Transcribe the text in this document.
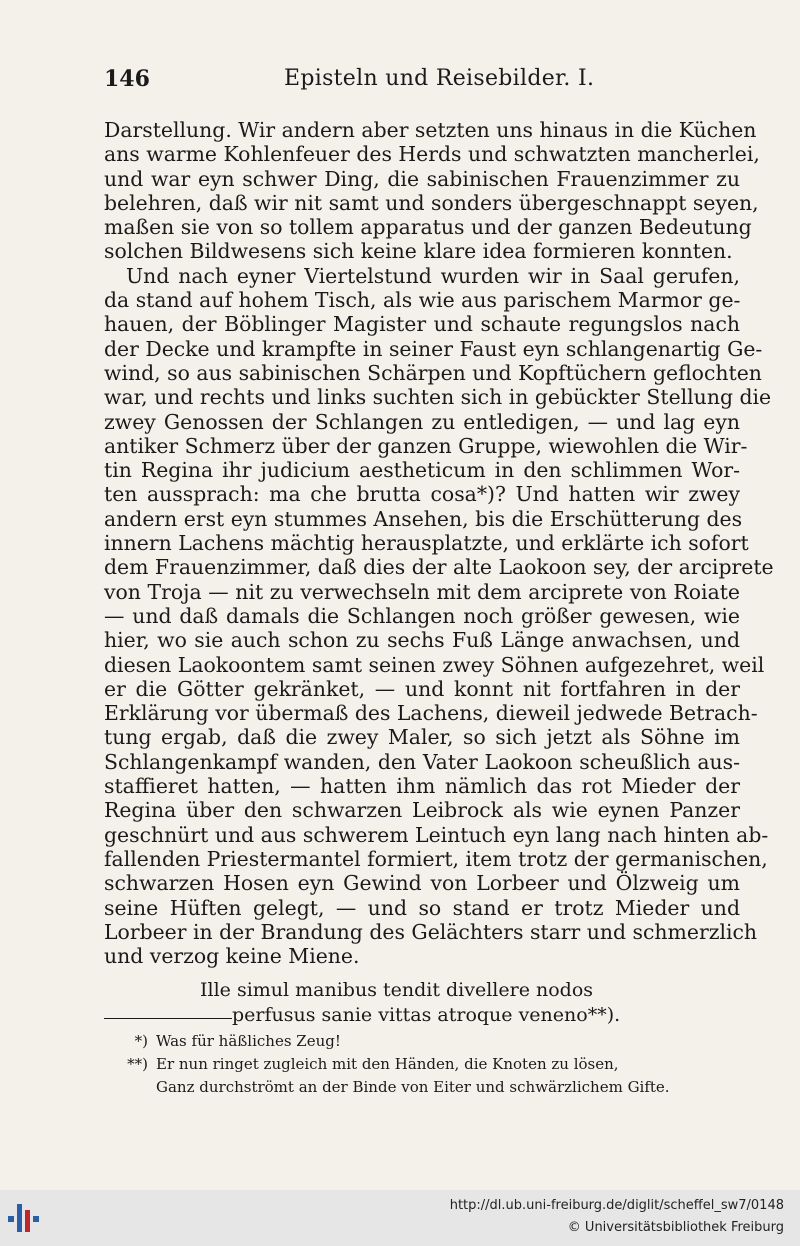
146	Episteln und Reisebilder. I.
Darstellung. Wir andern aber setzten uns hinaus in die Küchen
ans warme Kohlenfeuer des Herds und schwatzten mancherlei,
und war eyn schwer Ding, die sabinischen Frauenzimmer zu
belehren, daß wir nit samt und sonders übergeschnappt seyen,
maßen sie von so tollem apparatus und der ganzen Bedeutung
solchen Bildwesens sich keine klare idea formieren konnten.
Und nach eyner Viertelstund wurden wir in Saal gerufen,
da stand auf hohem Tisch, als wie aus parischem Marmor ge-
hauen, der Böblinger Magister und schaute regungslos nach
der Decke und krampfte in seiner Faust eyn schlangenartig Ge-
wind, so aus sabinischen Schärpen und Kopftüchern geflochten
war, und rechts und links suchten sich in gebückter Stellung die
zwey Genossen der Schlangen zu entledigen, — und lag eyn
antiker Schmerz über der ganzen Gruppe, wiewohlen die Wir-
tin Regina ihr judicium aestheticum in den schlimmen Wor-
ten aussprach: ma che brutta cosa*)? Und hatten wir zwey
andern erst eyn stummes Ansehen, bis die Erschütterung des
innern Lachens mächtig herausplatzte, und erklärte ich sofort
dem Frauenzimmer, daß dies der alte Laokoon sey, der arciprete
von Troja — nit zu verwechseln mit dem arciprete von Roiate
— und daß damals die Schlangen noch größer gewesen, wie
hier, wo sie auch schon zu sechs Fuß Länge anwachsen, und
diesen Laokoontem samt seinen zwey Söhnen aufgezehret, weil
er die Götter gekränket, — und konnt nit fortfahren in der
Erklärung vor übermaß des Lachens, dieweil jedwede Betrach-
tung ergab, daß die zwey Maler, so sich jetzt als Söhne im
Schlangenkampf wanden, den Vater Laokoon scheußlich aus-
staffieret hatten, — hatten ihm nämlich das rot Mieder der
Regina über den schwarzen Leibrock als wie eynen Panzer
geschnürt und aus schwerem Leintuch eyn lang nach hinten ab-
fallenden Priestermantel formiert, item trotz der germanischen,
schwarzen Hosen eyn Gewind von Lorbeer und Ölzweig um
seine Hüften gelegt, — und so stand er trotz Mieder und
Lorbeer in der Brandung des Gelächters starr und schmerzlich
und verzog keine Miene.
Ille simul manibus tendit divellere nodos
perfusus sanie vittas atroque veneno**).
*) Was für häßliches Zeug!
**) Er nun ringet zugleich mit den Händen, die Knoten zu lösen,
Ganz durchströmt an der Binde von Eiter und schwärzlichem Gifte.
http://dl.ub.uni-freiburg.de/diglit/scheffel_sw7/0148
© Universitätsbibliothek Freiburg
